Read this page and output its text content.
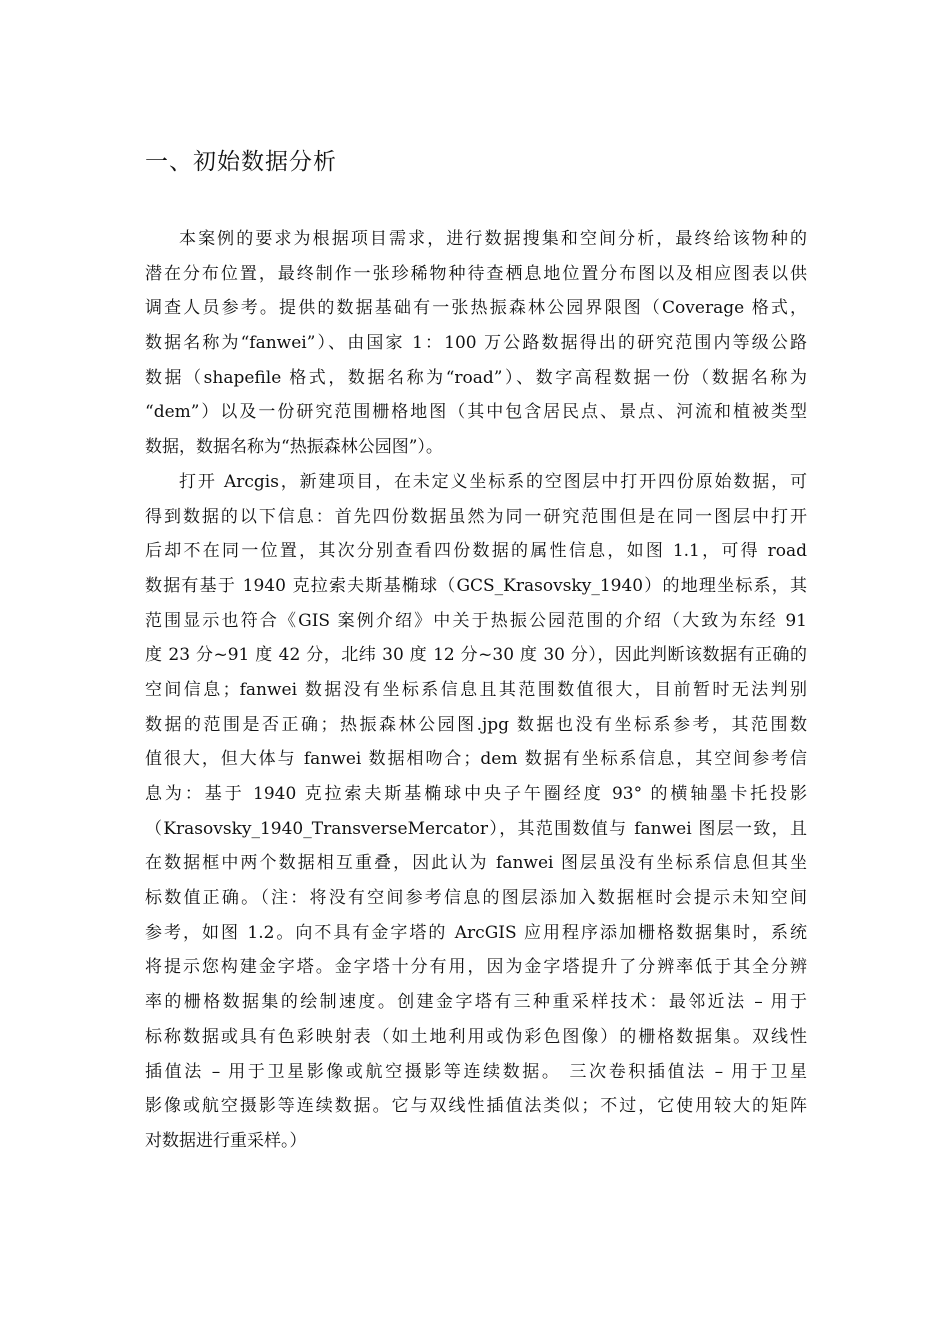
一、初始数据分析
本案例的要求为根据项目需求，进行数据搜集和空间分析，最终给该物种的
潜在分布位置，最终制作一张珍稀物种待查栖息地位置分布图以及相应图表以供
调查人员参考。提供的数据基础有一张热振森林公园界限图（Coverage 格式，
数据名称为“fanwei”）、由国家 1：100 万公路数据得出的研究范围内等级公路
数据（shapefile 格式，数据名称为“road”）、数字高程数据一份（数据名称为
“dem”）以及一份研究范围栅格地图（其中包含居民点、景点、河流和植被类型
数据，数据名称为“热振森林公园图”）。
打开 Arcgis，新建项目，在未定义坐标系的空图层中打开四份原始数据，可
得到数据的以下信息：首先四份数据虽然为同一研究范围但是在同一图层中打开
后却不在同一位置，其次分别查看四份数据的属性信息，如图 1.1，可得 road
数据有基于 1940 克拉索夫斯基椭球（GCS_Krasovsky_1940）的地理坐标系，其
范围显示也符合《GIS 案例介绍》中关于热振公园范围的介绍（大致为东经 91
度 23 分~91 度 42 分，北纬 30 度 12 分~30 度 30 分），因此判断该数据有正确的
空间信息；fanwei 数据没有坐标系信息且其范围数值很大，目前暂时无法判别
数据的范围是否正确；热振森林公园图.jpg 数据也没有坐标系参考，其范围数
值很大，但大体与 fanwei 数据相吻合；dem 数据有坐标系信息，其空间参考信
息为：基于 1940 克拉索夫斯基椭球中央子午圈经度 93° 的横轴墨卡托投影
（Krasovsky_1940_TransverseMercator），其范围数值与 fanwei 图层一致，且
在数据框中两个数据相互重叠，因此认为 fanwei 图层虽没有坐标系信息但其坐
标数值正确。（注：将没有空间参考信息的图层添加入数据框时会提示未知空间
参考，如图 1.2。向不具有金字塔的 ArcGIS 应用程序添加栅格数据集时，系统
将提示您构建金字塔。金字塔十分有用，因为金字塔提升了分辨率低于其全分辨
率的栅格数据集的绘制速度。创建金字塔有三种重采样技术：最邻近法 – 用于
标称数据或具有色彩映射表（如土地利用或伪彩色图像）的栅格数据集。双线性
插值法 – 用于卫星影像或航空摄影等连续数据。 三次卷积插值法 – 用于卫星
影像或航空摄影等连续数据。它与双线性插值法类似；不过，它使用较大的矩阵
对数据进行重采样。）
